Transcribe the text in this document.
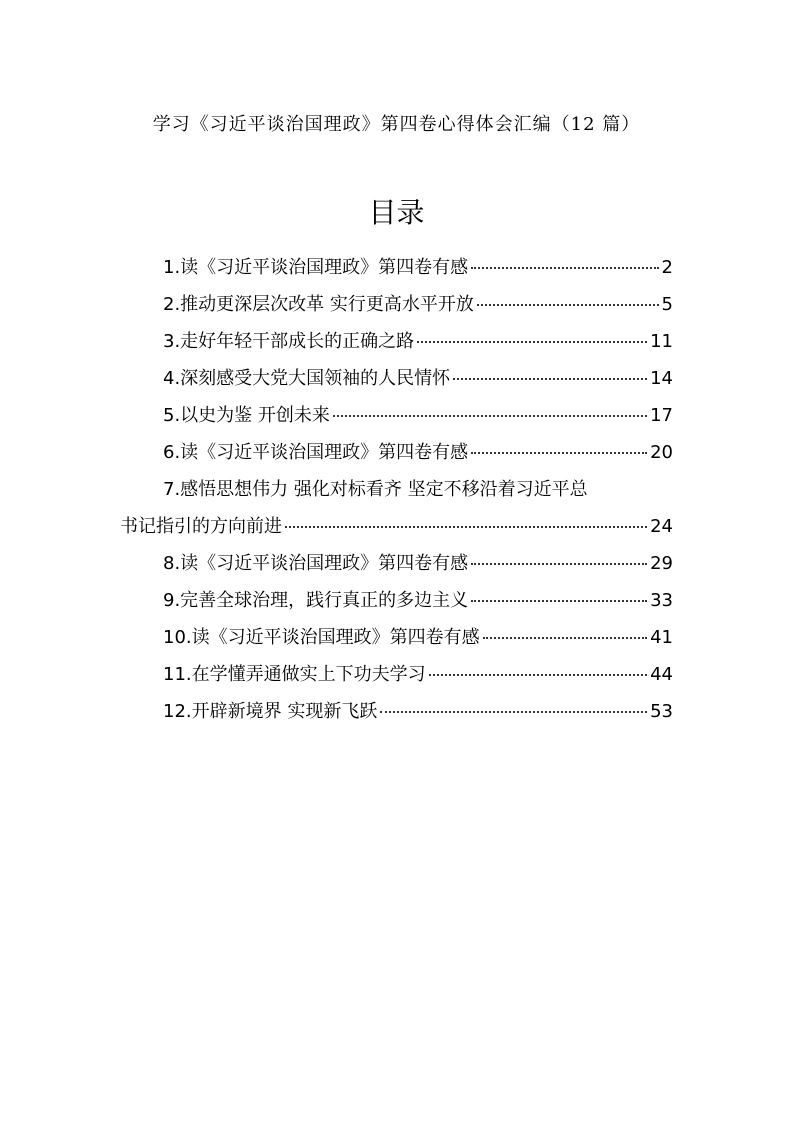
学习《习近平谈治国理政》第四卷心得体会汇编（12 篇）
目录
1.读《习近平谈治国理政》第四卷有感	2
2.推动更深层次改革 实行更高水平开放	5
3.走好年轻干部成长的正确之路	11
4.深刻感受大党大国领袖的人民情怀	14
5.以史为鉴 开创未来	17
6.读《习近平谈治国理政》第四卷有感	20
7.感悟思想伟力 强化对标看齐 坚定不移沿着习近平总
书记指引的方向前进	24
8.读《习近平谈治国理政》第四卷有感	29
9.完善全球治理，践行真正的多边主义	33
10.读《习近平谈治国理政》第四卷有感	41
11.在学懂弄通做实上下功夫学习	44
12.开辟新境界 实现新飞跃	53
